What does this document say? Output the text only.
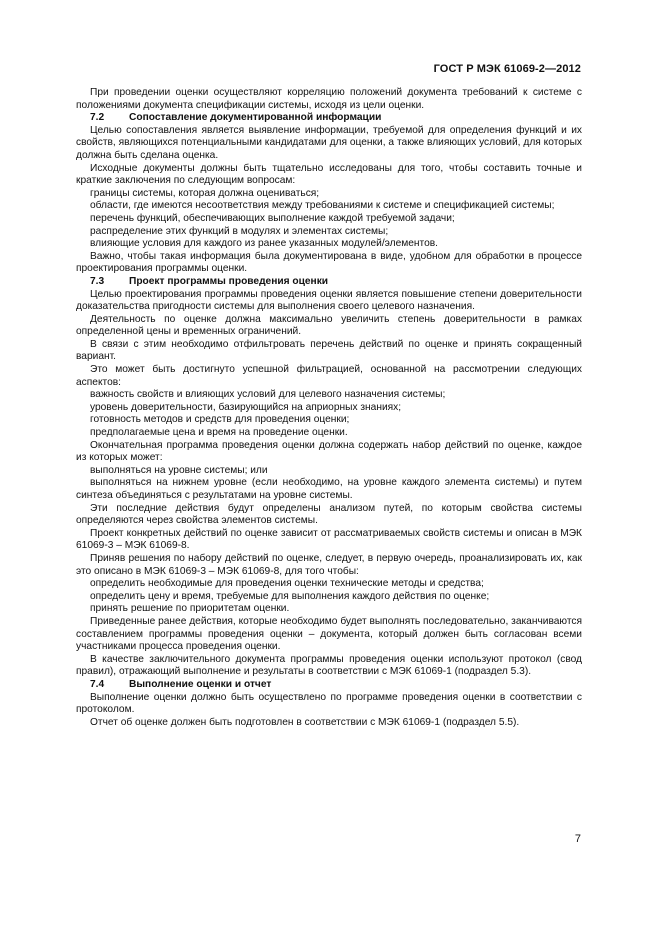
ГОСТ Р МЭК 61069-2—2012

При проведении оценки осуществляют корреляцию положений документа требований к системе с положениями документа спецификации системы, исходя из цели оценки.

7.2 Сопоставление документированной информации

Целью сопоставления является выявление информации, требуемой для определения функций и их свойств, являющихся потенциальными кандидатами для оценки, а также влияющих условий, для которых должна быть сделана оценка.

Исходные документы должны быть тщательно исследованы для того, чтобы составить точные и краткие заключения по следующим вопросам:

границы системы, которая должна оцениваться;

области, где имеются несоответствия между требованиями к системе и спецификацией системы;

перечень функций, обеспечивающих выполнение каждой требуемой задачи;

распределение этих функций в модулях и элементах системы;

влияющие условия для каждого из ранее указанных модулей/элементов.

Важно, чтобы такая информация была документирована в виде, удобном для обработки в процессе проектирования программы оценки.

7.3 Проект программы проведения оценки

Целью проектирования программы проведения оценки является повышение степени доверительности доказательства пригодности системы для выполнения своего целевого назначения.

Деятельность по оценке должна максимально увеличить степень доверительности в рамках определенной цены и временных ограничений.

В связи с этим необходимо отфильтровать перечень действий по оценке и принять сокращенный вариант.

Это может быть достигнуто успешной фильтрацией, основанной на рассмотрении следующих аспектов:

важность свойств и влияющих условий для целевого назначения системы;

уровень доверительности, базирующийся на априорных знаниях;

готовность методов и средств для проведения оценки;

предполагаемые цена и время на проведение оценки.

Окончательная программа проведения оценки должна содержать набор действий по оценке, каждое из которых может:

выполняться на уровне системы; или

выполняться на нижнем уровне (если необходимо, на уровне каждого элемента системы) и путем синтеза объединяться с результатами на уровне системы.

Эти последние действия будут определены анализом путей, по которым свойства системы определяются через свойства элементов системы.

Проект конкретных действий по оценке зависит от рассматриваемых свойств системы и описан в МЭК 61069-3 – МЭК 61069-8.

Приняв решения по набору действий по оценке, следует, в первую очередь, проанализировать их, как это описано в МЭК 61069-3 – МЭК 61069-8, для того чтобы:

определить необходимые для проведения оценки технические методы и средства;

определить цену и время, требуемые для выполнения каждого действия по оценке;

принять решение по приоритетам оценки.

Приведенные ранее действия, которые необходимо будет выполнять последовательно, заканчиваются составлением программы проведения оценки – документа, который должен быть согласован всеми участниками процесса проведения оценки.

В качестве заключительного документа программы проведения оценки используют протокол (свод правил), отражающий выполнение и результаты в соответствии с МЭК 61069-1 (подраздел 5.3).

7.4 Выполнение оценки и отчет

Выполнение оценки должно быть осуществлено по программе проведения оценки в соответствии с протоколом.

Отчет об оценке должен быть подготовлен в соответствии с МЭК 61069-1 (подраздел 5.5).

7
